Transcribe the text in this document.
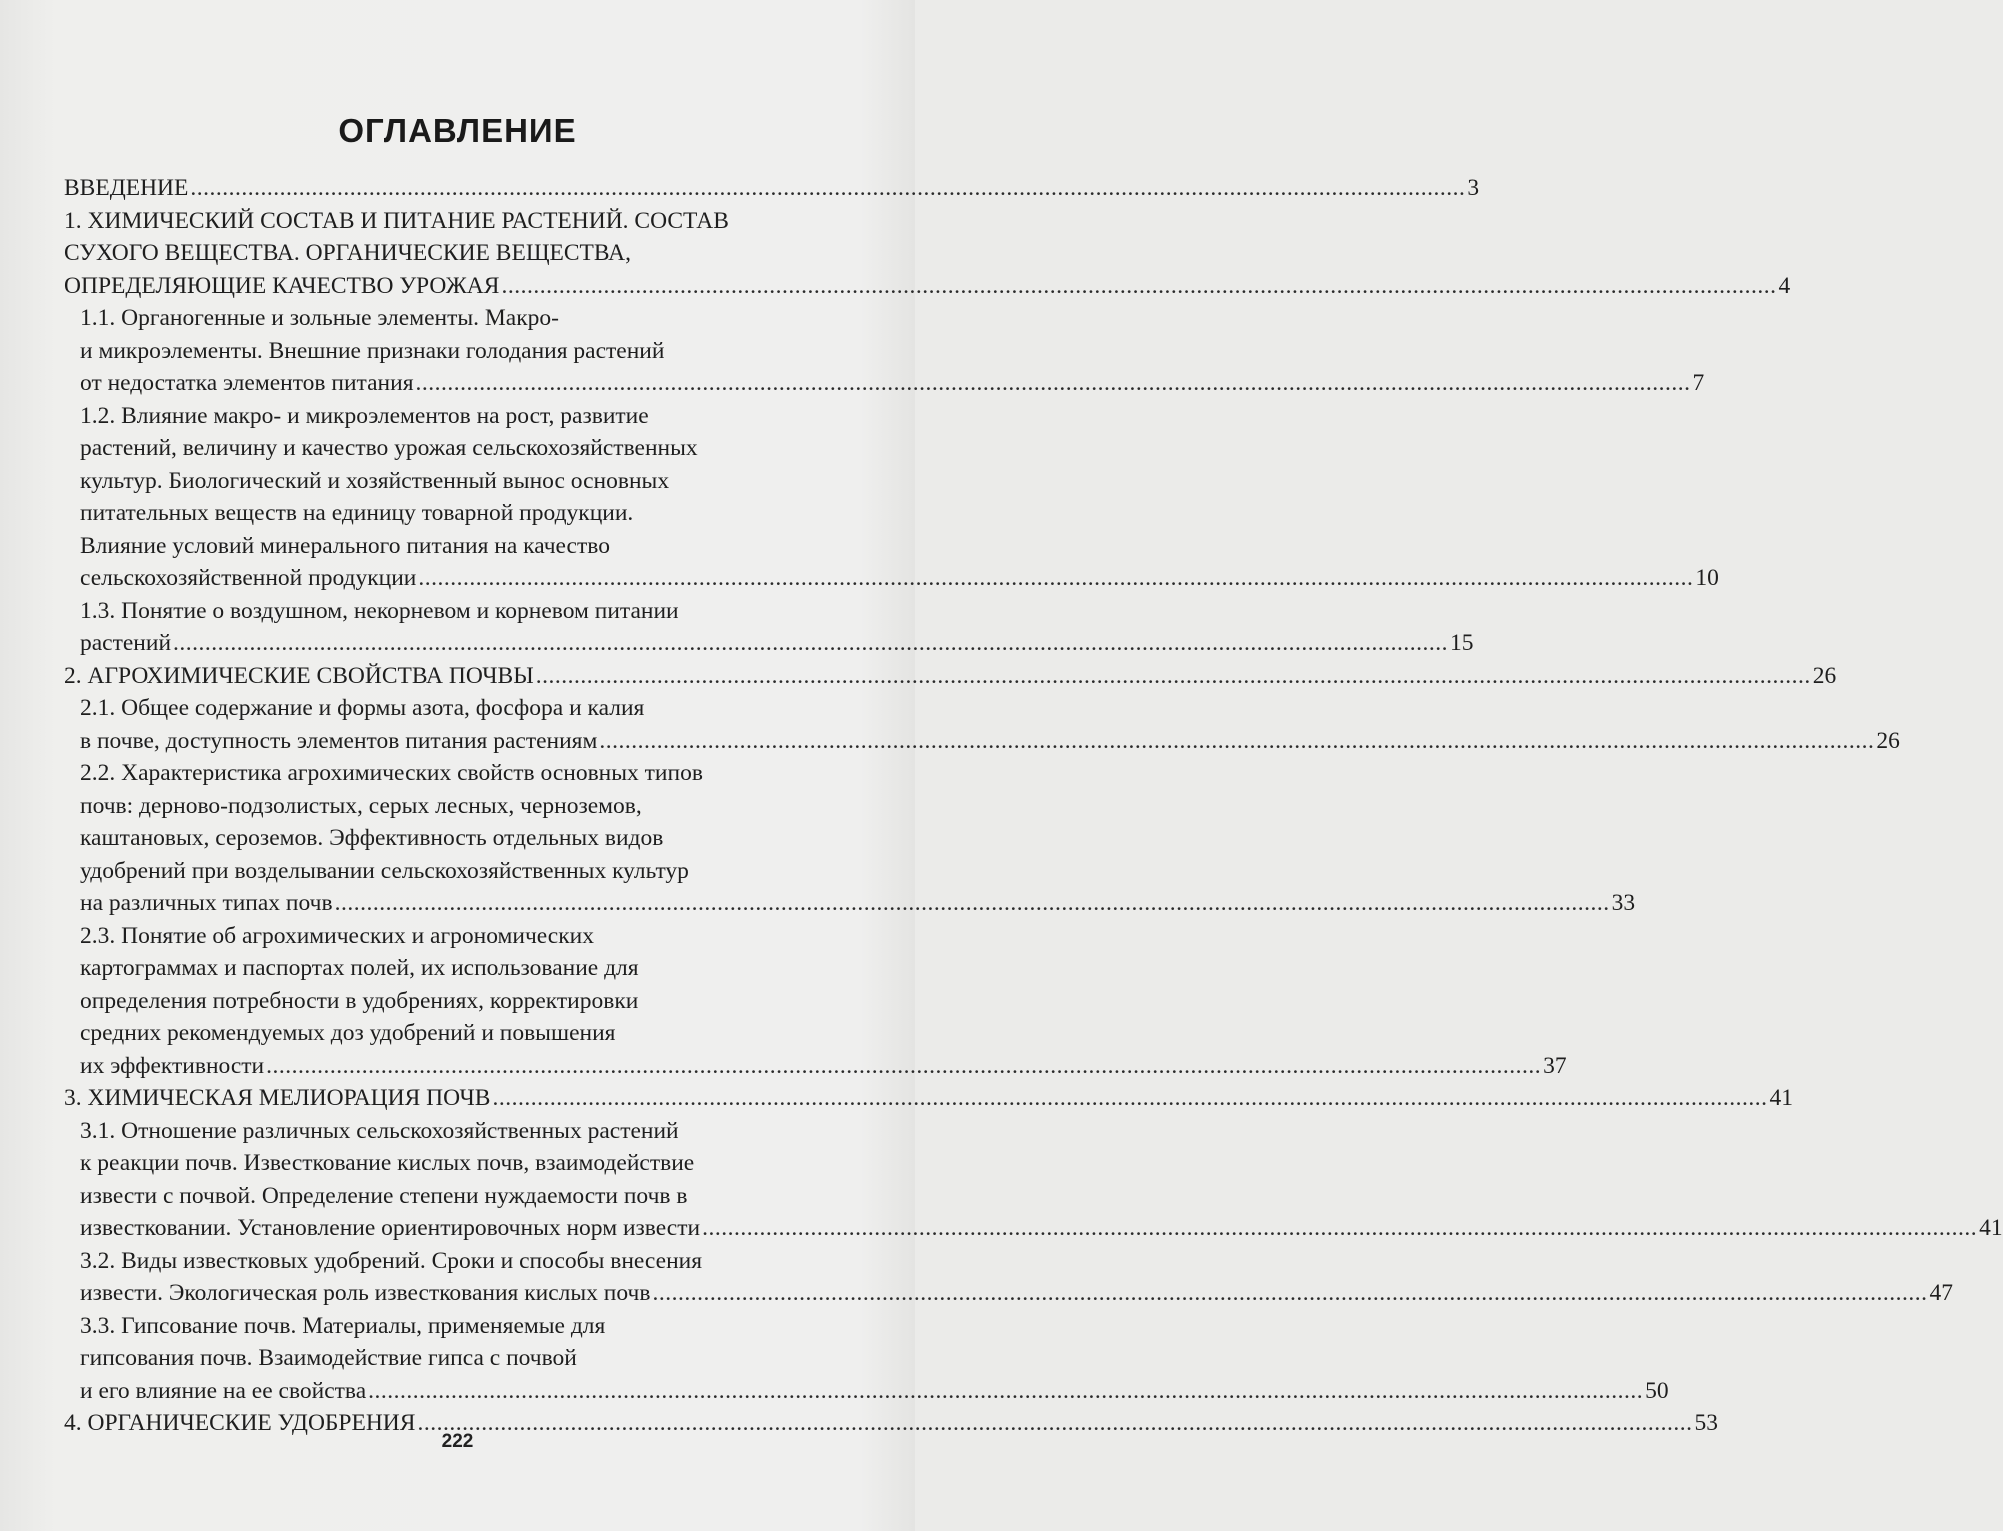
ОГЛАВЛЕНИЕ
ВВЕДЕНИЕ ........................................................................................................................................................................................................ 3
1. ХИМИЧЕСКИЙ СОСТАВ И ПИТАНИЕ РАСТЕНИЙ. СОСТАВ
СУХОГО ВЕЩЕСТВА. ОРГАНИЧЕСКИЕ ВЕЩЕСТВА,
ОПРЕДЕЛЯЮЩИЕ КАЧЕСТВО УРОЖАЯ ........................................................................................................................................................................................................ 4
1.1. Органогенные и зольные элементы. Макро-
и микроэлементы. Внешние признаки голодания растений
от недостатка элементов питания ........................................................................................................................................................................................................ 7
1.2. Влияние макро- и микроэлементов на рост, развитие
растений, величину и качество урожая сельскохозяйственных
культур. Биологический и хозяйственный вынос основных
питательных веществ на единицу товарной продукции.
Влияние условий минерального питания на качество
сельскохозяйственной продукции ........................................................................................................................................................................................................ 10
1.3. Понятие о воздушном, некорневом и корневом питании
растений ........................................................................................................................................................................................................ 15
2. АГРОХИМИЧЕСКИЕ СВОЙСТВА ПОЧВЫ ........................................................................................................................................................................................................ 26
2.1. Общее содержание и формы азота, фосфора и калия
в почве, доступность элементов питания растениям ........................................................................................................................................................................................................ 26
2.2. Характеристика агрохимических свойств основных типов
почв: дерново-подзолистых, серых лесных, черноземов,
каштановых, сероземов. Эффективность отдельных видов
удобрений при возделывании сельскохозяйственных культур
на различных типах почв ........................................................................................................................................................................................................ 33
2.3. Понятие об агрохимических и агрономических
картограммах и паспортах полей, их использование для
определения потребности в удобрениях, корректировки
средних рекомендуемых доз удобрений и повышения
их эффективности ........................................................................................................................................................................................................ 37
3. ХИМИЧЕСКАЯ МЕЛИОРАЦИЯ ПОЧВ ........................................................................................................................................................................................................ 41
3.1. Отношение различных сельскохозяйственных растений
к реакции почв. Известкование кислых почв, взаимодействие
извести с почвой. Определение степени нуждаемости почв в
известковании. Установление ориентировочных норм извести ........................................................................................................................................................................................................ 41
3.2. Виды известковых удобрений. Сроки и способы внесения
извести. Экологическая роль известкования кислых почв ........................................................................................................................................................................................................ 47
3.3. Гипсование почв. Материалы, применяемые для
гипсования почв. Взаимодействие гипса с почвой
и его влияние на ее свойства ........................................................................................................................................................................................................ 50
4. ОРГАНИЧЕСКИЕ УДОБРЕНИЯ ........................................................................................................................................................................................................ 53
222
